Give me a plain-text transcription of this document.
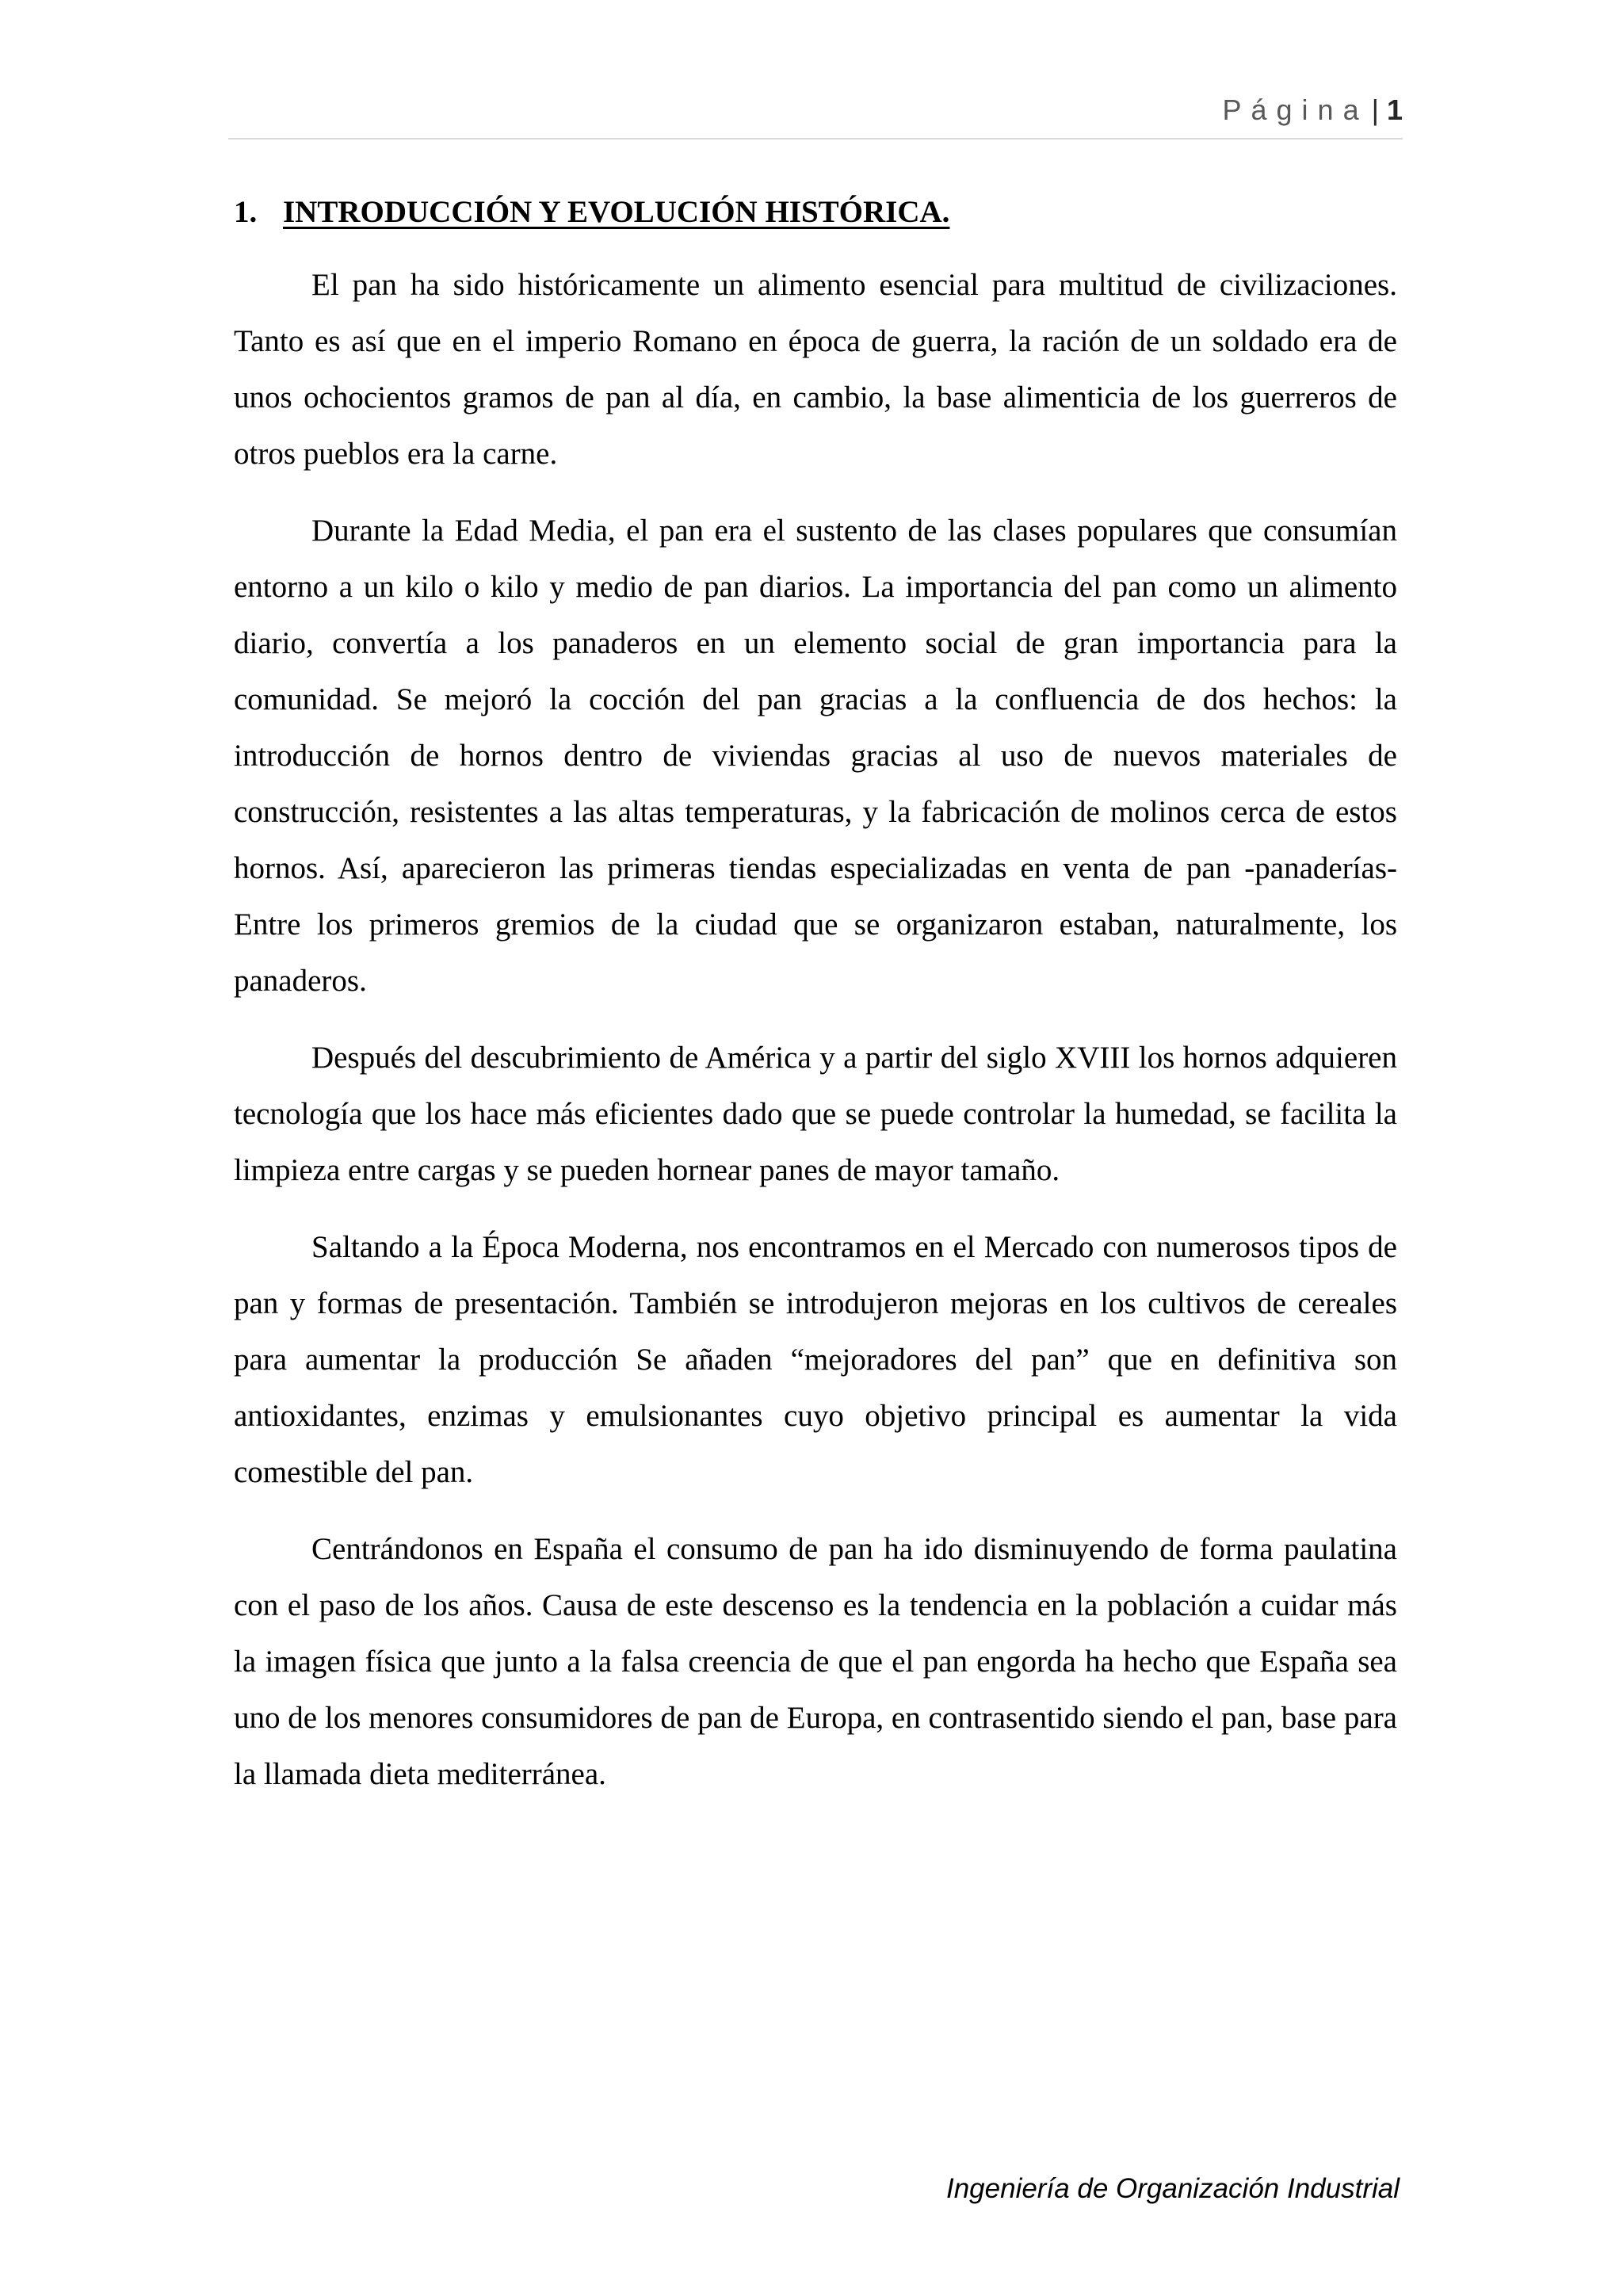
Página | 1
1. INTRODUCCIÓN Y EVOLUCIÓN HISTÓRICA.

El pan ha sido históricamente un alimento esencial para multitud de civilizaciones. Tanto es así que en el imperio Romano en época de guerra, la ración de un soldado era de unos ochocientos gramos de pan al día, en cambio, la base alimenticia de los guerreros de otros pueblos era la carne.

Durante la Edad Media, el pan era el sustento de las clases populares que consumían entorno a un kilo o kilo y medio de pan diarios. La importancia del pan como un alimento diario, convertía a los panaderos en un elemento social de gran importancia para la comunidad. Se mejoró la cocción del pan gracias a la confluencia de dos hechos: la introducción de hornos dentro de viviendas gracias al uso de nuevos materiales de construcción, resistentes a las altas temperaturas, y la fabricación de molinos cerca de estos hornos. Así, aparecieron las primeras tiendas especializadas en venta de pan -panaderías- Entre los primeros gremios de la ciudad que se organizaron estaban, naturalmente, los panaderos.

Después del descubrimiento de América y a partir del siglo XVIII los hornos adquieren tecnología que los hace más eficientes dado que se puede controlar la humedad, se facilita la limpieza entre cargas y se pueden hornear panes de mayor tamaño.

Saltando a la Época Moderna, nos encontramos en el Mercado con numerosos tipos de pan y formas de presentación. También se introdujeron mejoras en los cultivos de cereales para aumentar la producción Se añaden “mejoradores del pan” que en definitiva son antioxidantes, enzimas y emulsionantes cuyo objetivo principal es aumentar la vida comestible del pan.

Centrándonos en España el consumo de pan ha ido disminuyendo de forma paulatina con el paso de los años. Causa de este descenso es la tendencia en la población a cuidar más la imagen física que junto a la falsa creencia de que el pan engorda ha hecho que España sea uno de los menores consumidores de pan de Europa, en contrasentido siendo el pan, base para la llamada dieta mediterránea.

Ingeniería de Organización Industrial
